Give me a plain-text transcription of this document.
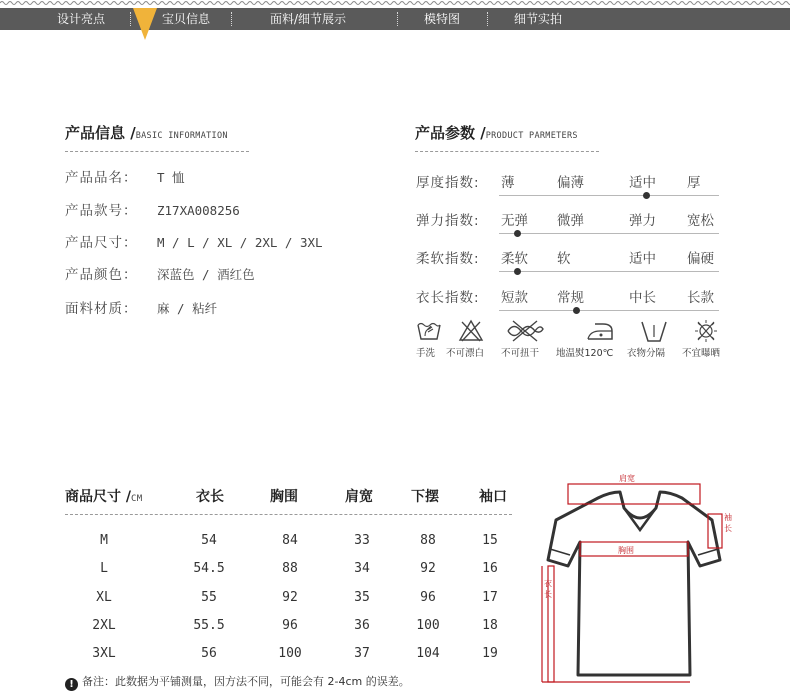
设计亮点	宝贝信息	面料/细节展示	模特图	细节实拍
产品信息 /BASIC INFORMATION
产品品名： T 恤
产品款号： Z17XA008256
产品尺寸： M / L / XL / 2XL / 3XL
产品颜色： 深蓝色 / 酒红色
面料材质： 麻 / 粘纤
产品参数 /PRODUCT PARMETERS
厚度指数: 薄	偏薄	适中 厚
弹力指数: 无弹 微弹	弹力 宽松
柔软指数: 柔软 软	适中 偏硬
衣长指数: 短款 常规	中长 长款
手洗 不可漂白 不可扭干 地温熨120℃ 衣物分隔 不宜曝晒
商品尺寸 /CM	衣长	胸围	肩宽	下摆	袖口
M	54	84	33	88	15
L	54.5	88	34	92	16
XL	55	92	35	96	17
2XL	55.5	96	36	100	18
3XL	56	100	37	104	19
! 备注：此数据为平铺测量，因方法不同，可能会有 2-4cm 的误差。
肩宽
胸围
袖长
衣长
